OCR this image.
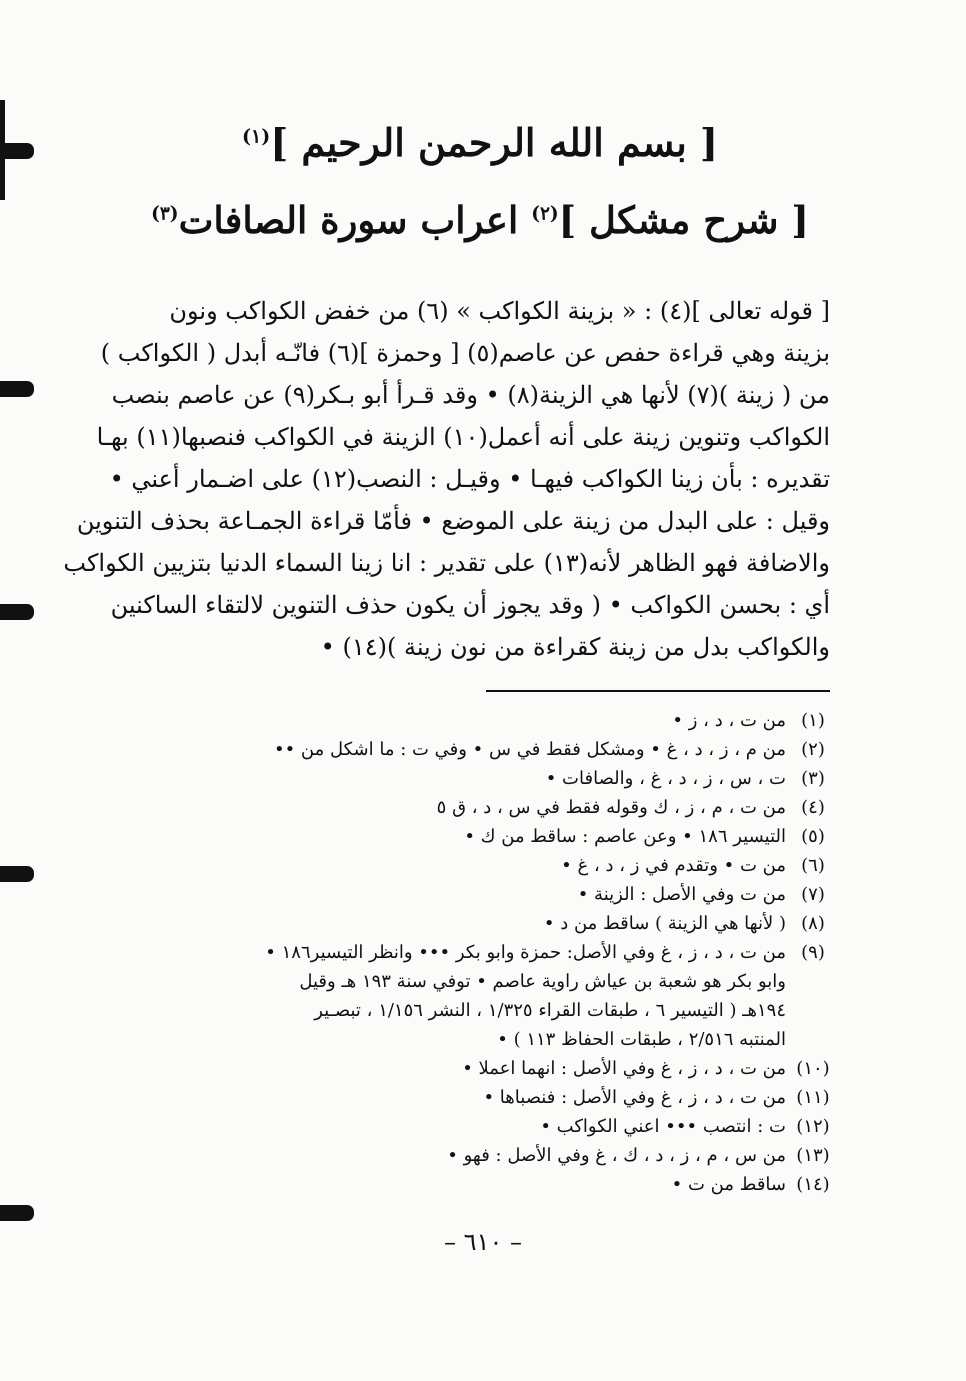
[ بسم الله الرحمن الرحيم ]$^{(١)}$
[ شرح مشكل ]$^{(٢)}$ اعراب سورة الصافات$^{(٣)}$
[ قوله تعالى ](٤) : « بزينة الكواكب » (٦) من خفض الكواكب ونون
بزينة وهي قراءة حفص عن عاصم(٥) [ وحمزة ](٦) فانّـه أبدل ( الكواكب )
من ( زينة )(٧) لأنها هي الزينة(٨) • وقد قـرأ أبو بـكر(٩) عن عاصم بنصب
الكواكب وتنوين زينة على أنه أعمل(١٠) الزينة في الكواكب فنصبها(١١) بهـا
تقديره : بأن زينا الكواكب فيهـا • وقيـل : النصب(١٢) على اضـمار أعني •
وقيل : على البدل من زينة على الموضع • فأمّا قراءة الجمـاعة بحذف التنوين
والاضافة فهو الظاهر لأنه(١٣) على تقدير : انا زينا السماء الدنيا بتزيين الكواكب
أي : بحسن الكواكب • ( وقد يجوز أن يكون حذف التنوين لالتقاء الساكنين
والكواكب بدل من زينة كقراءة من نون زينة )(١٤) •
(١)
من ت ، د ، ز •
(٢)
من م ، ز ، د ، غ • ومشكل فقط في س • وفي ت : ما اشكل من ••
(٣)
ت ، س ، ز ، د ، غ ، والصافات •
(٤)
من ت ، م ، ز ، ك وقوله فقط في س ، د ، ق ٥
(٥)
التيسير ١٨٦ • وعن عاصم : ساقط من ك •
(٦)
من ت • وتقدم في ز ، د ، غ •
(٧)
من ت وفي الأصل : الزينة •
(٨)
( لأنها هي الزينة ) ساقط من د •
(٩)
من ت ، د ، ز ، غ وفي الأصل: حمزة وابو بكر ••• وانظر التيسير١٨٦ •
وابو بكر هو شعبة بن عياش راوية عاصم • توفي سنة ١٩٣ هـ وقيل
١٩٤هـ ( التيسير ٦ ، طبقات القراء ١/٣٢٥ ، النشر ١/١٥٦ ، تبصـير
المنتبه ٢/٥١٦ ، طبقات الحفاظ ١١٣ ) •
(١٠)
من ت ، د ، ز ، غ وفي الأصل : انهما اعملا •
(١١)
من ت ، د ، ز ، غ وفي الأصل : فنصباها •
(١٢)
ت : انتصب ••• اعني الكواكب •
(١٣)
من س ، م ، ز ، د ، ك ، غ وفي الأصل : فهو •
(١٤)
ساقط من ت •
– ٦١٠ –
